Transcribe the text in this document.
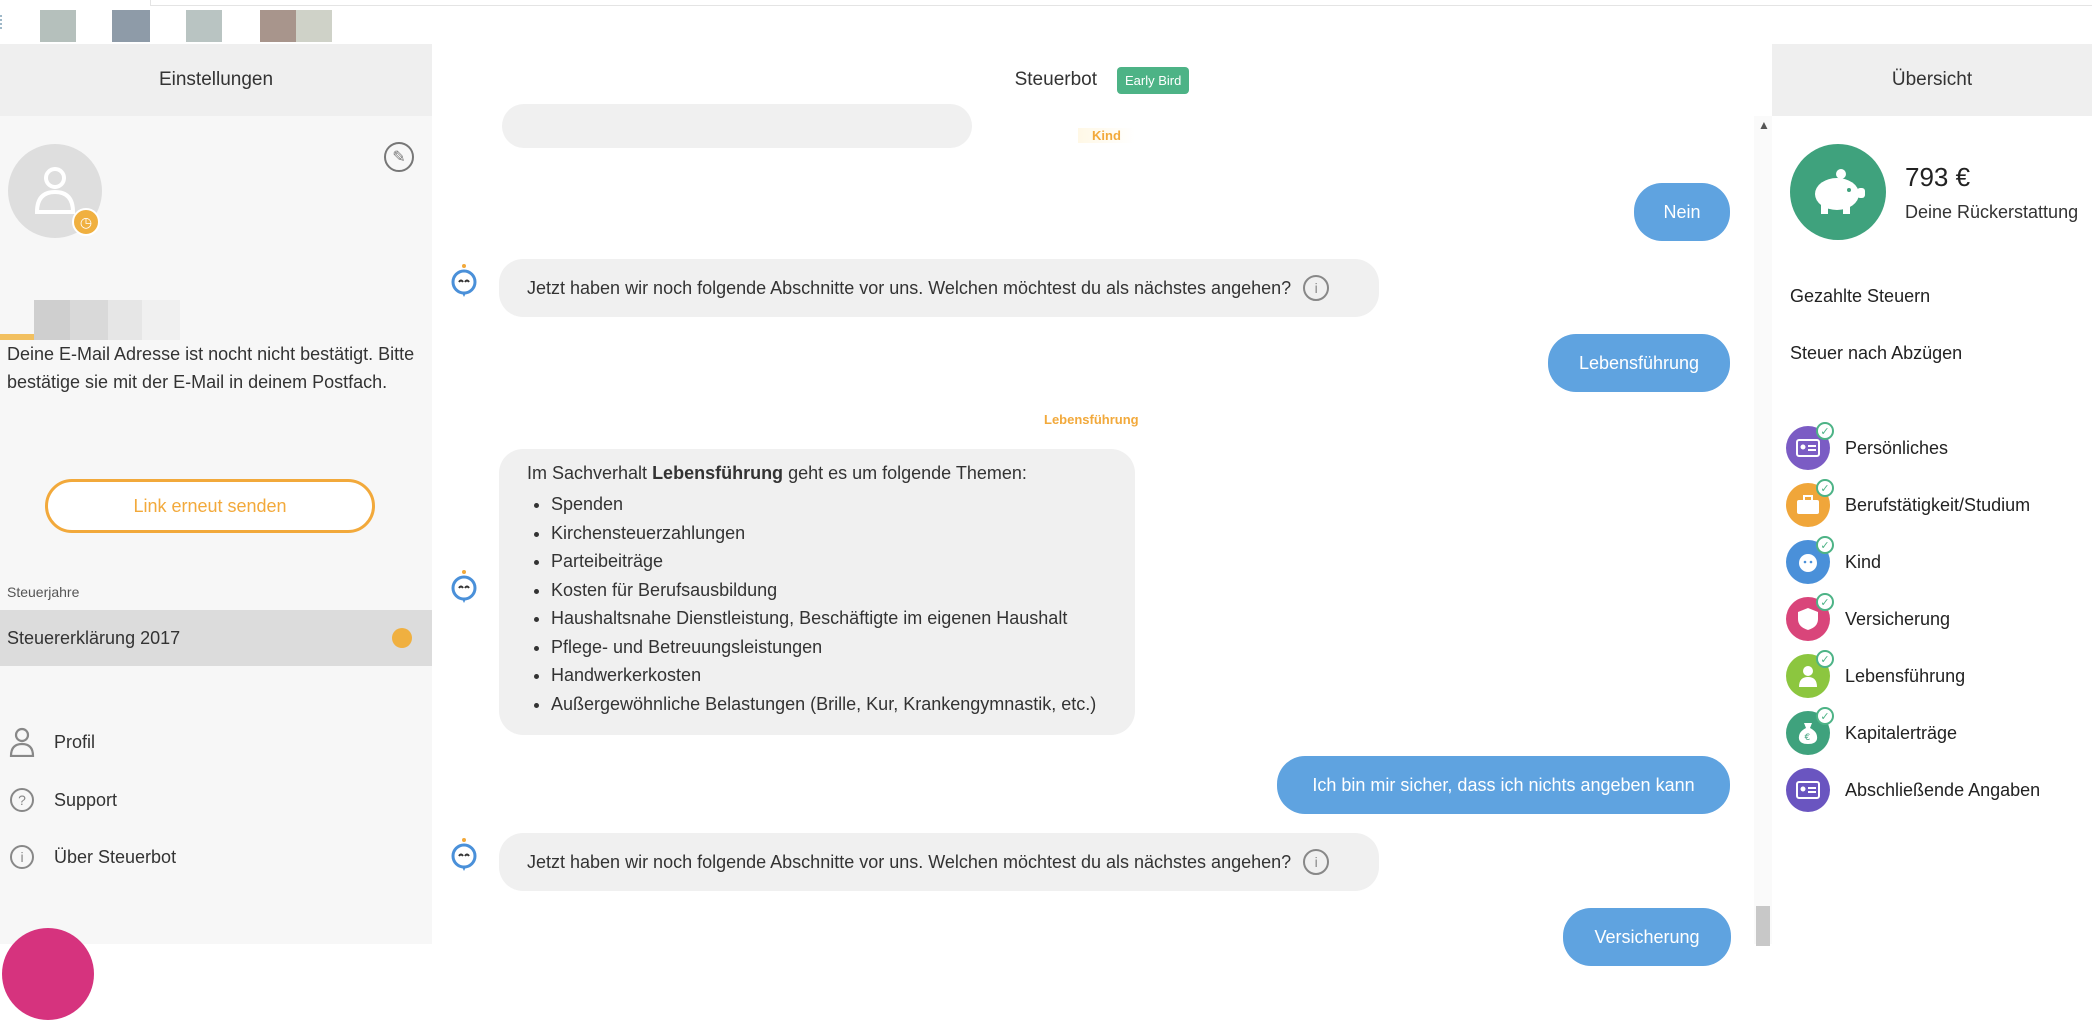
Einstellungen
◷
✎
Deine E-Mail Adresse ist nocht nicht bestätigt. Bitte bestätige sie mit der E-Mail in deinem Postfach.
Link erneut senden
Steuerjahre
Steuererklärung 2017
Profil
?	Support
i	Über Steuerbot
Steuerbot	Early Bird
Kind
Nein
Jetzt haben wir noch folgende Abschnitte vor uns. Welchen möchtest du als nächstes angehen?	i
Lebensführung
Lebensführung
Im Sachverhalt Lebensführung geht es um folgende Themen:
• Spenden
• Kirchensteuerzahlungen
• Parteibeiträge
• Kosten für Berufsausbildung
• Haushaltsnahe Dienstleistung, Beschäftigte im eigenen Haushalt
• Pflege- und Betreuungsleistungen
• Handwerkerkosten
• Außergewöhnliche Belastungen (Brille, Kur, Krankengymnastik, etc.)
Ich bin mir sicher, dass ich nichts angeben kann
Jetzt haben wir noch folgende Abschnitte vor uns. Welchen möchtest du als nächstes angehen?	i
Versicherung
▲
Übersicht
793 €
Deine Rückerstattung
Gezahlte Steuern
Steuer nach Abzügen
✓
Persönliches
✓
Berufstätigkeit/Studium
✓
Kind
✓
Versicherung
✓
Lebensführung
€
✓
Kapitalerträge
Abschließende Angaben
